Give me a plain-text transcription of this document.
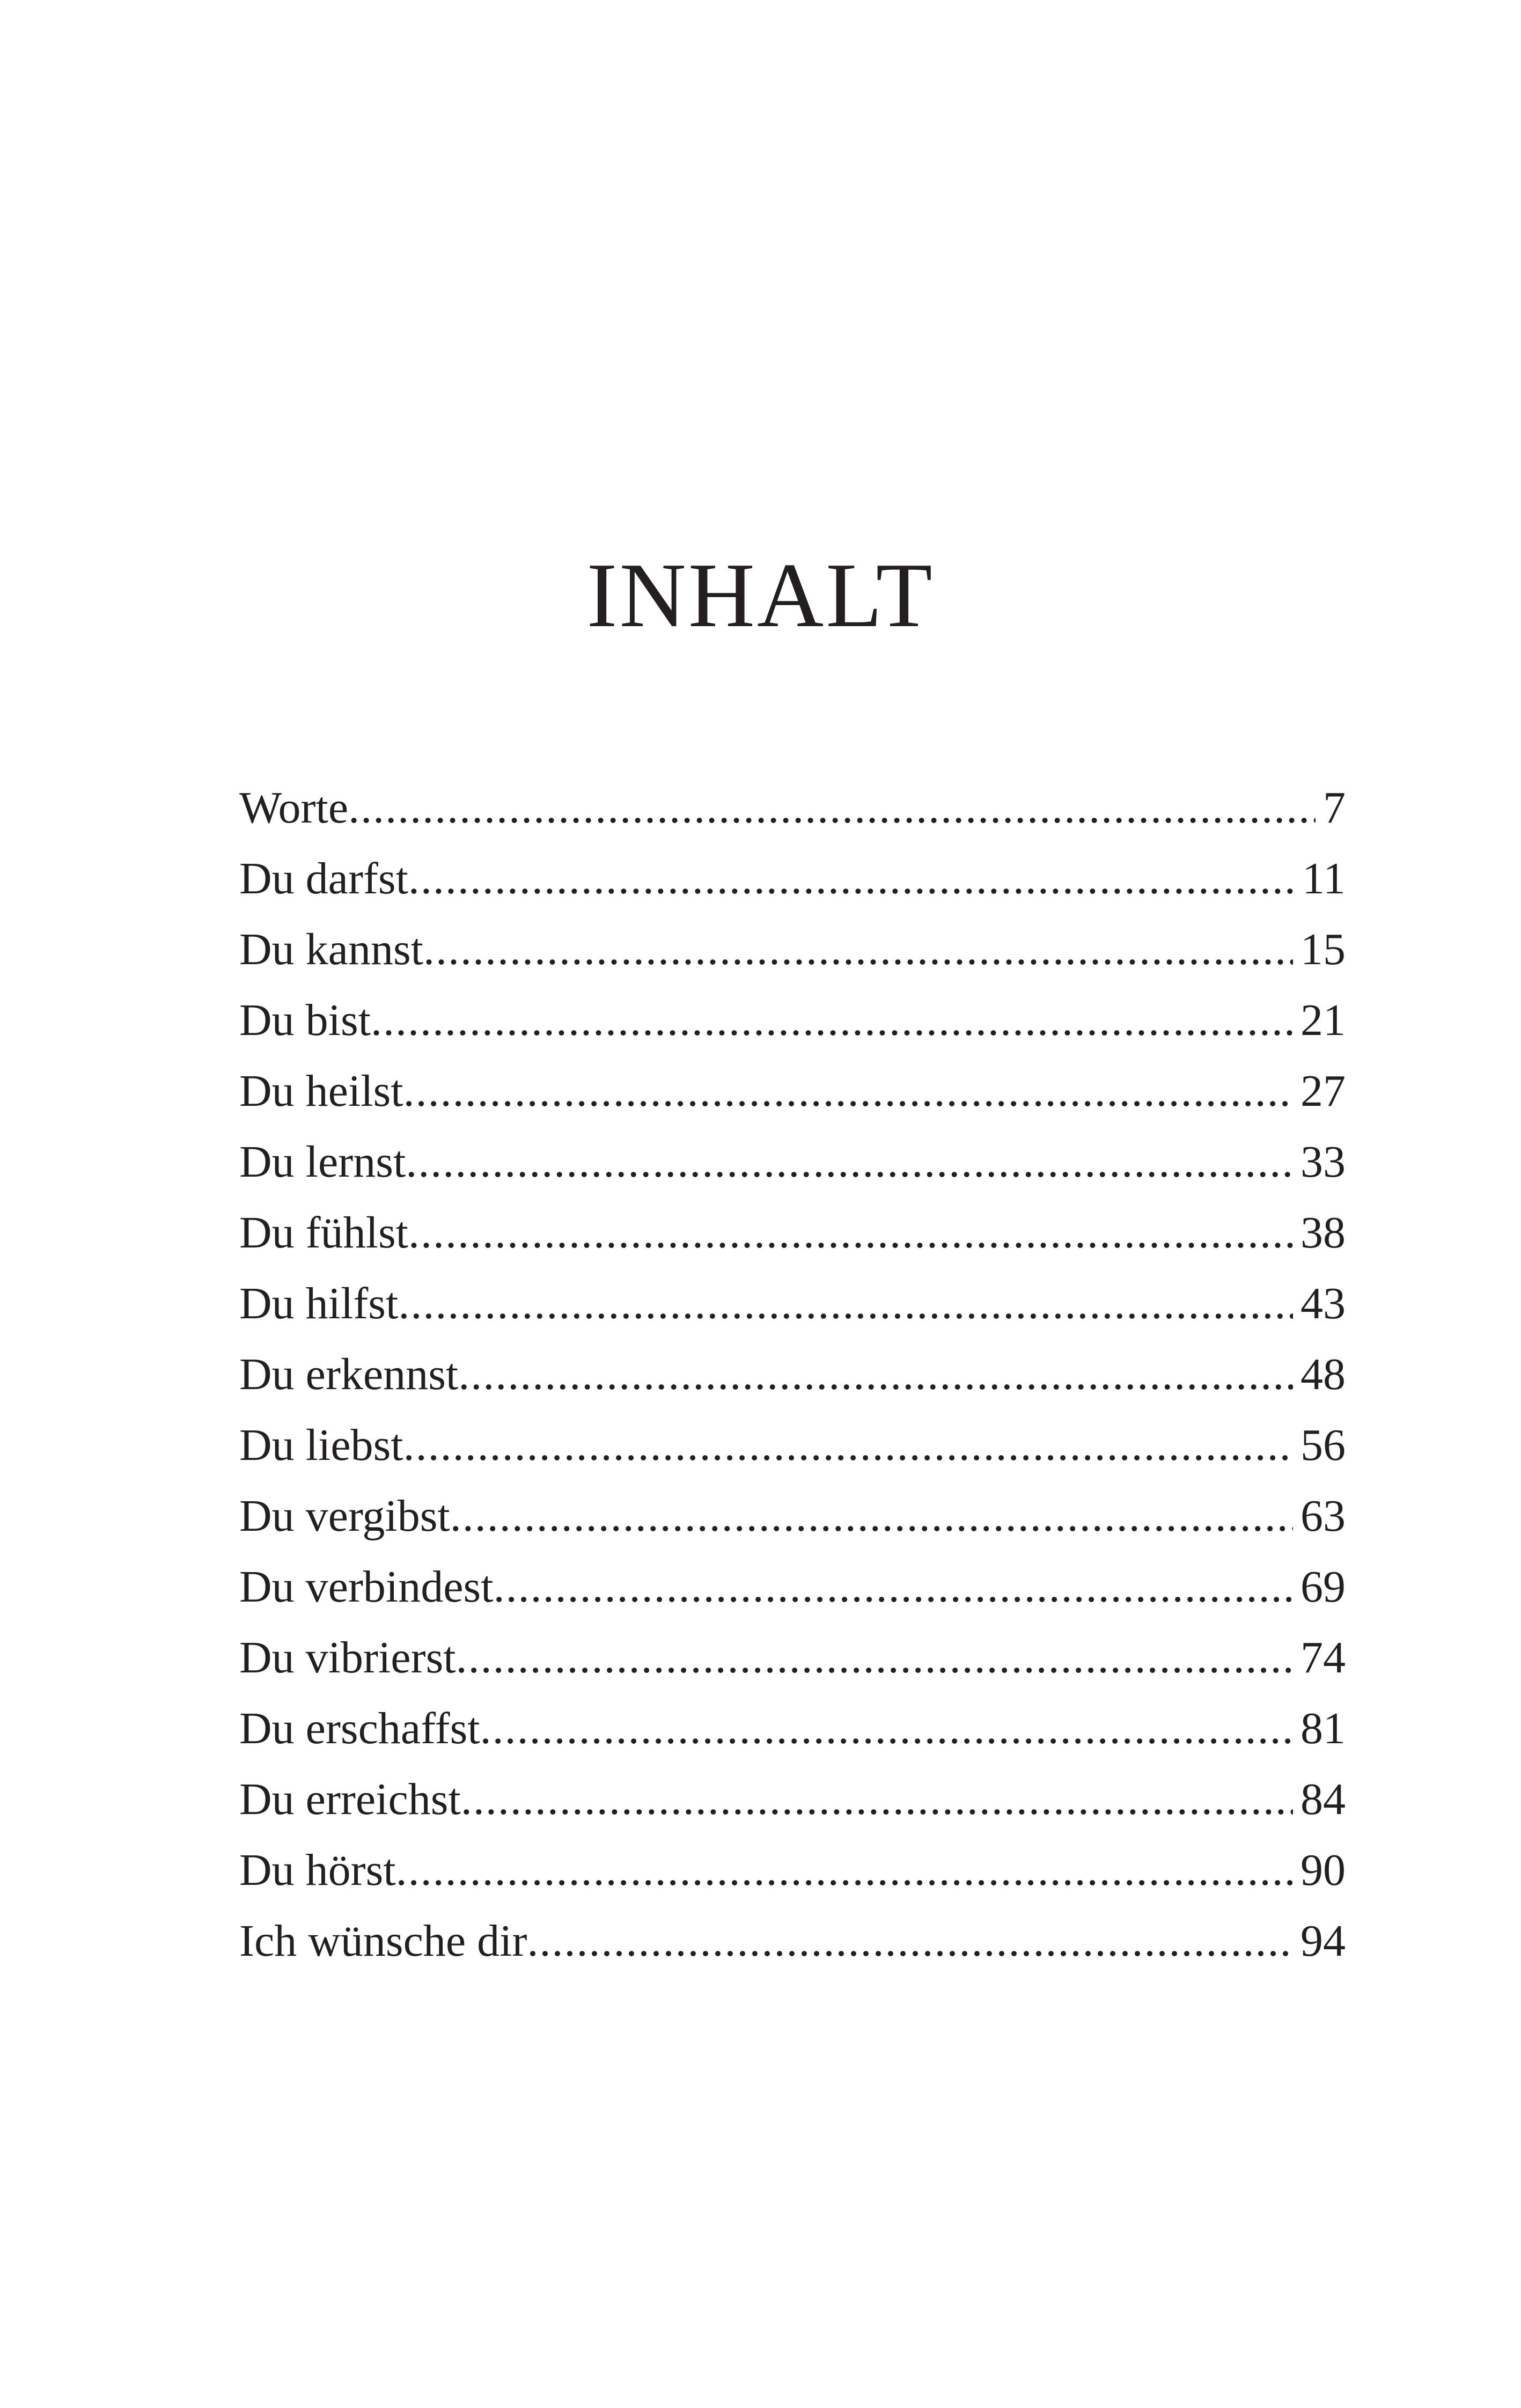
INHALT
Worte .....	7
Du darfst .....	11
Du kannst .....	15
Du bist .....	21
Du heilst .....	27
Du lernst .....	33
Du fühlst .....	38
Du hilfst .....	43
Du erkennst .....	48
Du liebst .....	56
Du vergibst .....	63
Du verbindest .....	69
Du vibrierst .....	74
Du erschaffst .....	81
Du erreichst .....	84
Du hörst .....	90
Ich wünsche dir .....	94
